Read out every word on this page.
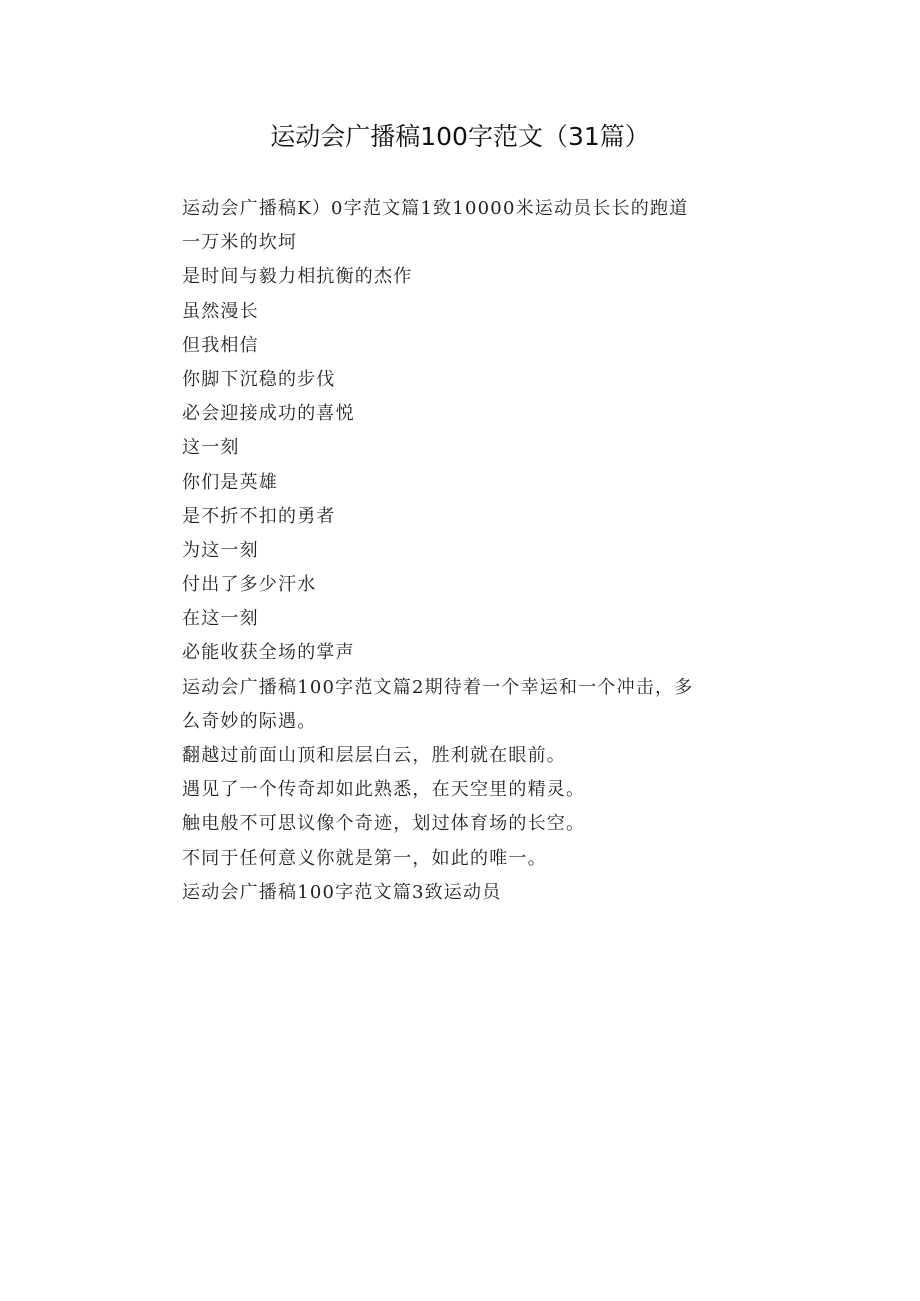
运动会广播稿100字范文（31篇）
运动会广播稿K）0字范文篇1致10000米运动员长长的跑道
一万米的坎坷
是时间与毅力相抗衡的杰作
虽然漫长
但我相信
你脚下沉稳的步伐
必会迎接成功的喜悦
这一刻
你们是英雄
是不折不扣的勇者
为这一刻
付出了多少汗水
在这一刻
必能收获全场的掌声
运动会广播稿100字范文篇2期待着一个幸运和一个冲击，多
么奇妙的际遇。
翻越过前面山顶和层层白云，胜利就在眼前。
遇见了一个传奇却如此熟悉，在天空里的精灵。
触电般不可思议像个奇迹，划过体育场的长空。
不同于任何意义你就是第一，如此的唯一。
运动会广播稿100字范文篇3致运动员
